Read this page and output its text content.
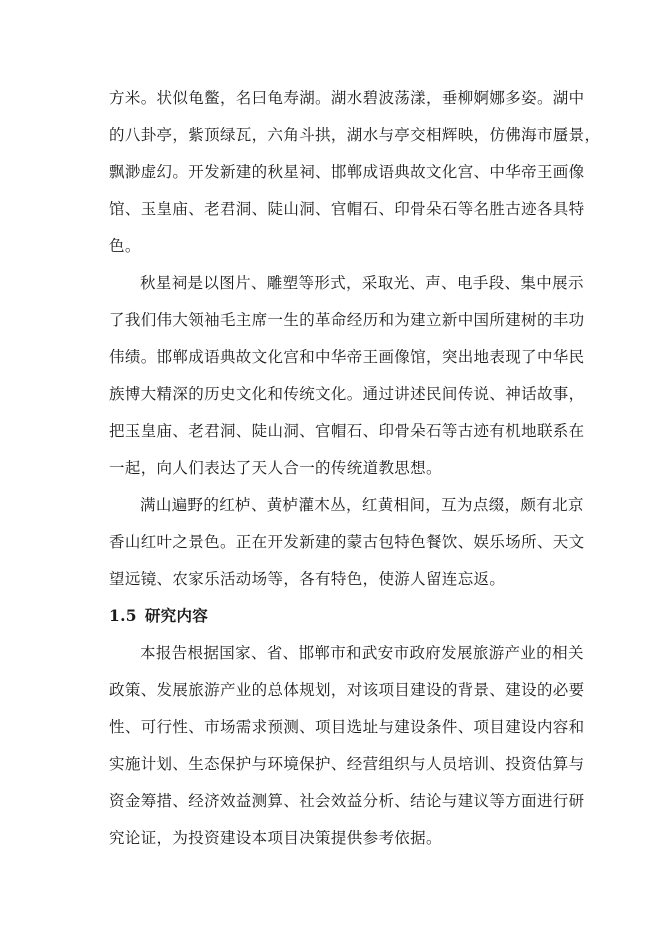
方米。状似龟鳖，名曰龟寿湖。湖水碧波荡漾，垂柳婀娜多姿。湖中
的八卦亭，紫顶绿瓦，六角斗拱，湖水与亭交相辉映，仿佛海市蜃景，
飘渺虚幻。开发新建的秋星祠、邯郸成语典故文化宫、中华帝王画像
馆、玉皇庙、老君洞、陡山洞、官帽石、印骨朵石等名胜古迹各具特
色。
秋星祠是以图片、雕塑等形式，采取光、声、电手段、集中展示
了我们伟大领袖毛主席一生的革命经历和为建立新中国所建树的丰功
伟绩。邯郸成语典故文化宫和中华帝王画像馆，突出地表现了中华民
族博大精深的历史文化和传统文化。通过讲述民间传说、神话故事，
把玉皇庙、老君洞、陡山洞、官帽石、印骨朵石等古迹有机地联系在
一起，向人们表达了天人合一的传统道教思想。
满山遍野的红栌、黄栌灌木丛，红黄相间，互为点缀，颇有北京
香山红叶之景色。正在开发新建的蒙古包特色餐饮、娱乐场所、天文
望远镜、农家乐活动场等，各有特色，使游人留连忘返。
1.5 研究内容
本报告根据国家、省、邯郸市和武安市政府发展旅游产业的相关
政策、发展旅游产业的总体规划，对该项目建设的背景、建设的必要
性、可行性、市场需求预测、项目选址与建设条件、项目建设内容和
实施计划、生态保护与环境保护、经营组织与人员培训、投资估算与
资金筹措、经济效益测算、社会效益分析、结论与建议等方面进行研
究论证，为投资建设本项目决策提供参考依据。
